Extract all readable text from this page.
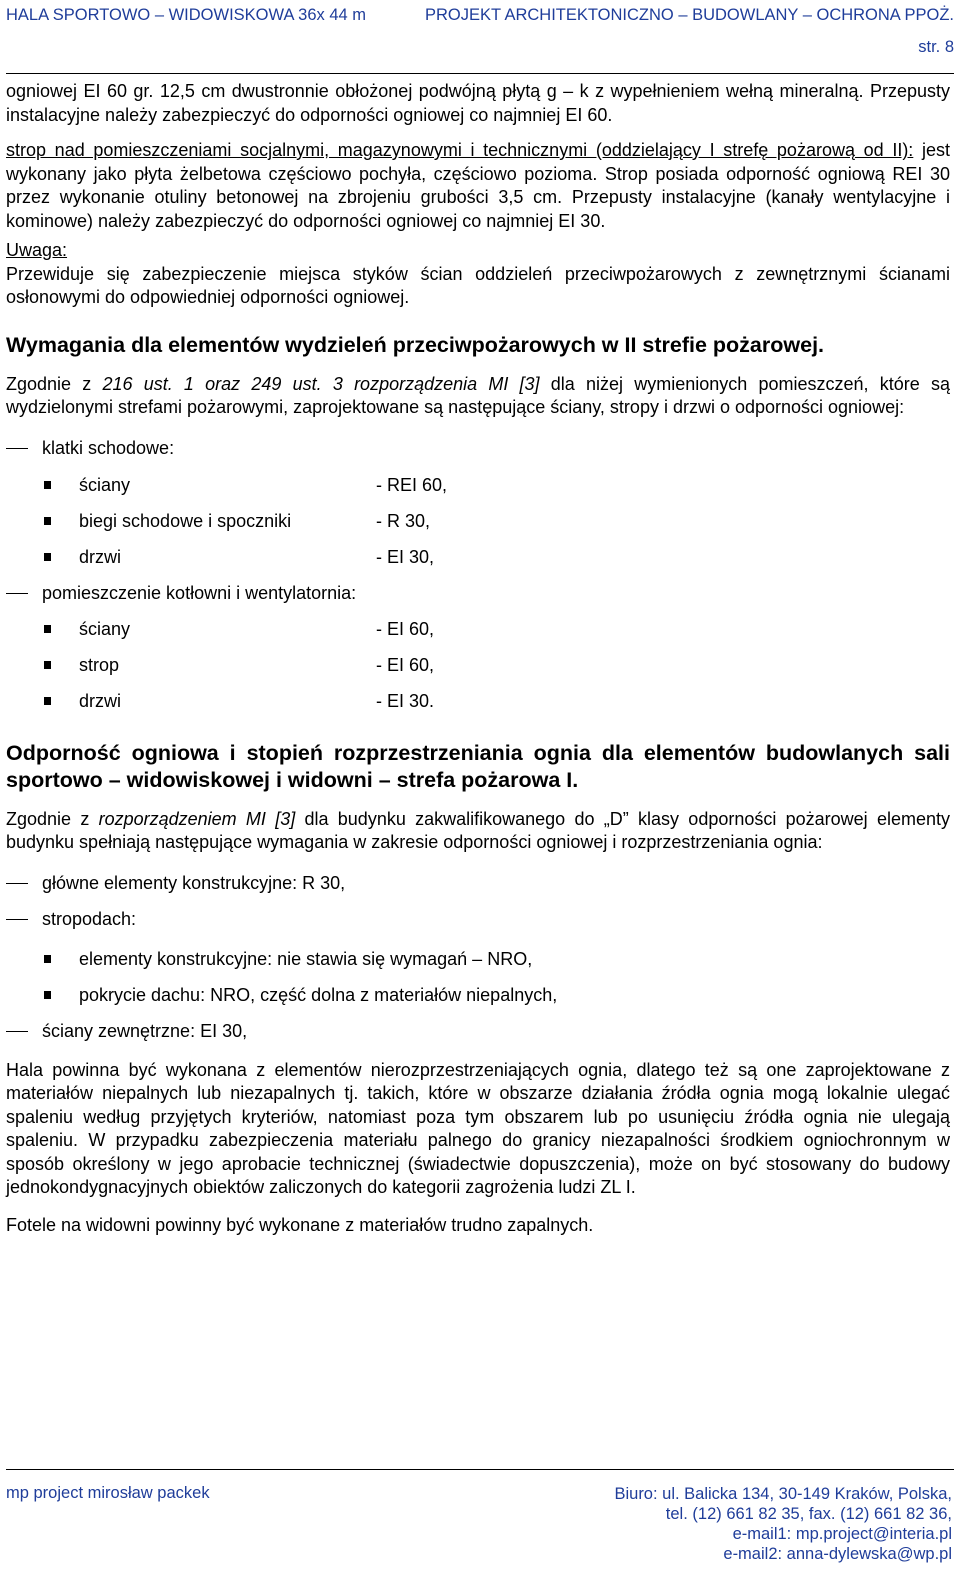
HALA SPORTOWO – WIDOWISKOWA 36x 44 m	PROJEKT ARCHITEKTONICZNO – BUDOWLANY – OCHRONA PPOŻ.
str. 8

ogniowej EI 60 gr. 12,5 cm dwustronnie obłożonej podwójną płytą g – k z wypełnieniem wełną mineralną. Przepusty instalacyjne należy zabezpieczyć do odporności ogniowej co najmniej EI 60.

strop nad pomieszczeniami socjalnymi, magazynowymi i technicznymi (oddzielający I strefę pożarową od II): jest wykonany jako płyta żelbetowa częściowo pochyła, częściowo pozioma. Strop posiada odporność ogniową REI 30 przez wykonanie otuliny betonowej na zbrojeniu grubości 3,5 cm. Przepusty instalacyjne (kanały wentylacyjne i kominowe) należy zabezpieczyć do odporności ogniowej co najmniej EI 30.

Uwaga:

Przewiduje się zabezpieczenie miejsca styków ścian oddzieleń przeciwpożarowych z zewnętrznymi ścianami osłonowymi do odpowiedniej odporności ogniowej.

Wymagania dla elementów wydzieleń przeciwpożarowych w II strefie pożarowej.

Zgodnie z 216 ust. 1 oraz 249 ust. 3 rozporządzenia MI [3] dla niżej wymienionych pomieszczeń, które są wydzielonymi strefami pożarowymi, zaprojektowane są następujące ściany, stropy i drzwi o odporności ogniowej:

klatki schodowe:
ściany	- REI 60,
biegi schodowe i spoczniki	- R 30,
drzwi	- EI 30,
pomieszczenie kotłowni i wentylatornia:
ściany	- EI 60,
strop	- EI 60,
drzwi	- EI 30.
Odporność ogniowa i stopień rozprzestrzeniania ognia dla elementów budowlanych sali sportowo – widowiskowej i widowni – strefa pożarowa I.

Zgodnie z rozporządzeniem MI [3] dla budynku zakwalifikowanego do „D” klasy odporności pożarowej elementy budynku spełniają następujące wymagania w zakresie odporności ogniowej i rozprzestrzeniania ognia:

główne elementy konstrukcyjne: R 30,
stropodach:
elementy konstrukcyjne: nie stawia się wymagań – NRO,
pokrycie dachu: NRO, część dolna z materiałów niepalnych,
ściany zewnętrzne: EI 30,

Hala powinna być wykonana z elementów nierozprzestrzeniających ognia, dlatego też są one zaprojektowane z materiałów niepalnych lub niezapalnych tj. takich, które w obszarze działania źródła ognia mogą lokalnie ulegać spaleniu według przyjętych kryteriów, natomiast poza tym obszarem lub po usunięciu źródła ognia nie ulegają spaleniu. W przypadku zabezpieczenia materiału palnego do granicy niezapalności środkiem ogniochronnym w sposób określony w jego aprobacie technicznej (świadectwie dopuszczenia), może on być stosowany do budowy jednokondygnacyjnych obiektów zaliczonych do kategorii zagrożenia ludzi ZL I.

Fotele na widowni powinny być wykonane z materiałów trudno zapalnych.

mp project mirosław packek	Biuro: ul. Balicka 134, 30-149 Kraków, Polska,
tel. (12) 661 82 35, fax. (12) 661 82 36,
e-mail1: mp.project@interia.pl
e-mail2: anna-dylewska@wp.pl
